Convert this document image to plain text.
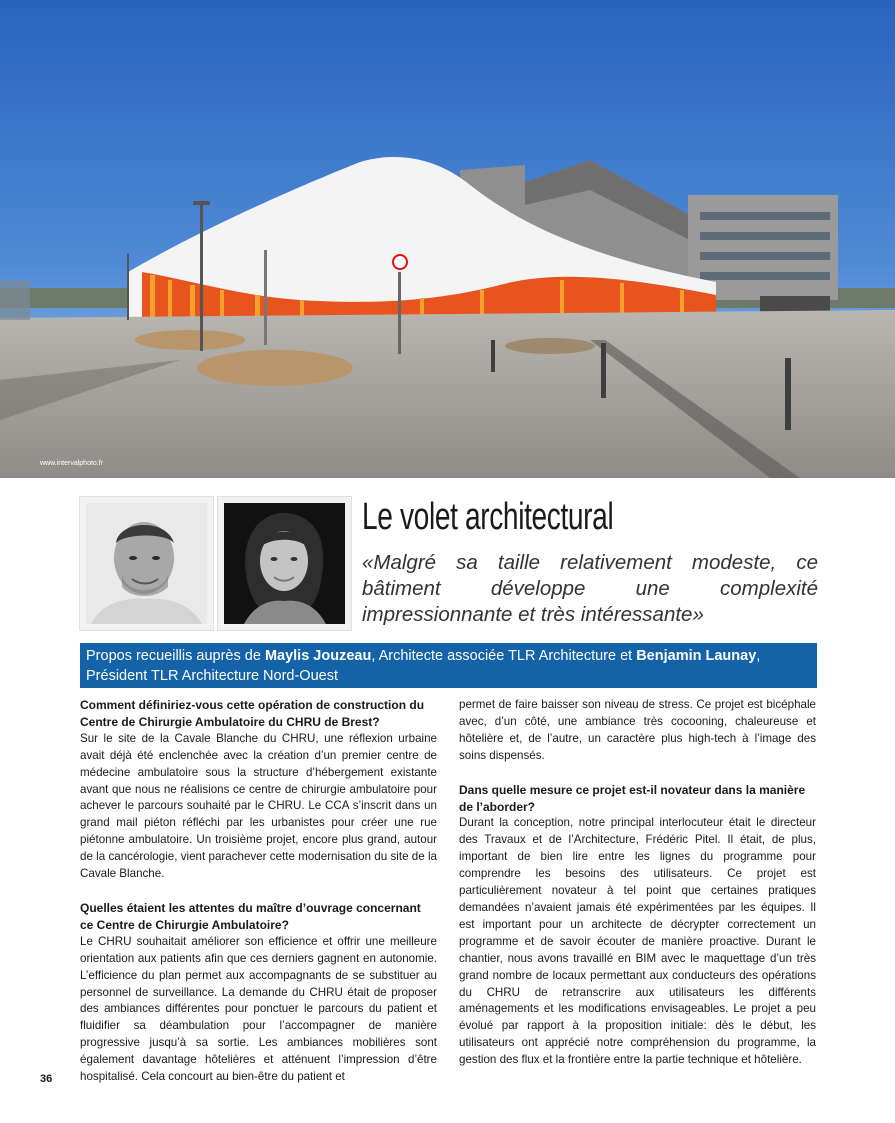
www.intervalphoto.fr
Le volet architectural

«Malgré sa taille relativement modeste, ce bâtiment développe une complexité impressionnante et très intéressante»

Propos recueillis auprès de Maylis Jouzeau, Architecte associée TLR Architecture et Benjamin Launay, Président TLR Architecture Nord-Ouest
Comment définiriez-vous cette opération de construction du Centre de Chirurgie Ambulatoire du CHRU de Brest?

Sur le site de la Cavale Blanche du CHRU, une réflexion urbaine avait déjà été enclenchée avec la création d’un premier centre de médecine ambulatoire sous la structure d’hébergement existante avant que nous ne réalisions ce centre de chirurgie ambulatoire pour achever le parcours souhaité par le CHRU. Le CCA s’inscrit dans un grand mail piéton réfléchi par les urbanistes pour créer une rue piétonne ambulatoire. Un troisième projet, encore plus grand, autour de la cancérologie, vient parachever cette modernisation du site de la Cavale Blanche.

Quelles étaient les attentes du maître d’ouvrage concernant ce Centre de Chirurgie Ambulatoire?

Le CHRU souhaitait améliorer son efficience et offrir une meilleure orientation aux patients afin que ces derniers gagnent en autonomie. L’efficience du plan permet aux accompagnants de se substituer au personnel de surveillance. La demande du CHRU était de proposer des ambiances différentes pour ponctuer le parcours du patient et fluidifier sa déambulation pour l’accompagner de manière progressive jusqu’à sa sortie. Les ambiances mobilières sont également davantage hôtelières et atténuent l’impression d’être hospitalisé. Cela concourt au bien-être du patient et

permet de faire baisser son niveau de stress. Ce projet est bicéphale avec, d’un côté, une ambiance très cocooning, chaleureuse et hôtelière et, de l’autre, un caractère plus high-tech à l’image des soins dispensés.

Dans quelle mesure ce projet est-il novateur dans la manière de l’aborder?

Durant la conception, notre principal interlocuteur était le directeur des Travaux et de l’Architecture, Frédéric Pitel. Il était, de plus, important de bien lire entre les lignes du programme pour comprendre les besoins des utilisateurs. Ce projet est particulièrement novateur à tel point que certaines pratiques demandées n’avaient jamais été expérimentées par les équipes. Il est important pour un architecte de décrypter correctement un programme et de savoir écouter de manière proactive. Durant le chantier, nous avons travaillé en BIM avec le maquettage d’un très grand nombre de locaux permettant aux conducteurs des opérations du CHRU de retranscrire aux utilisateurs les différents aménagements et les modifications envisageables. Le projet a peu évolué par rapport à la proposition initiale: dès le début, les utilisateurs ont apprécié notre compréhension du programme, la gestion des flux et la frontière entre la partie technique et hôtelière.

36
